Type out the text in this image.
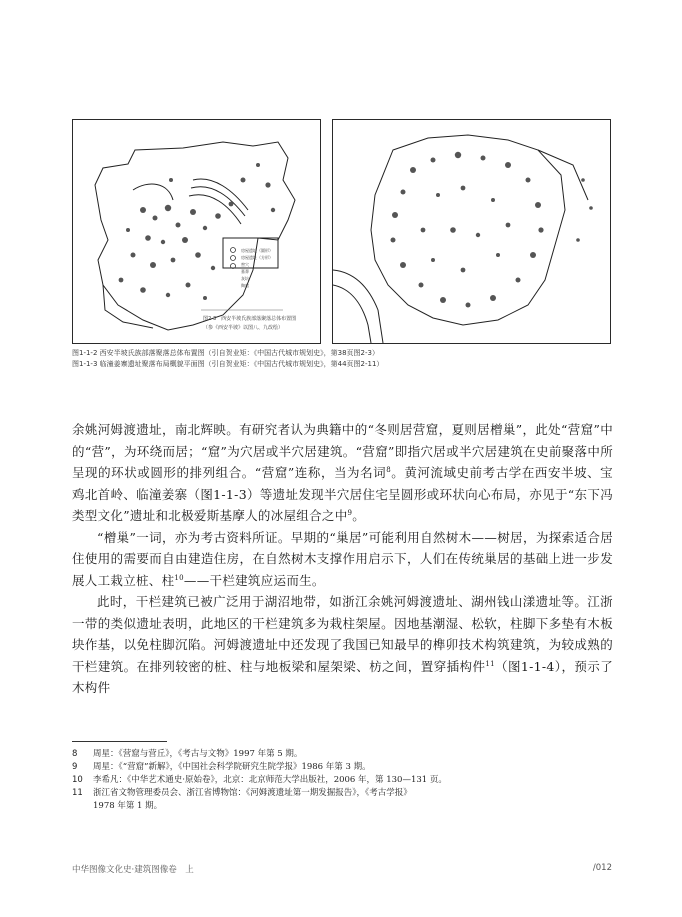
图2-3　西安半坡氏族部落聚落总体布置图
（参《西安半坡》以图八、九改绘）
房屋遗址（圆形）
房屋遗址（方形）
窖穴
墓葬
灰坑
陶窑
图1-1-2 西安半坡氏族部落聚落总体布置图（引自贺业矩：《中国古代城市规划史》，第38页图2-3）
图1-1-3 临潼姜寨遗址聚落布局概貌平面图（引自贺业矩：《中国古代城市规划史》，第44页图2-11）

余姚河姆渡遗址，南北辉映。有研究者认为典籍中的“冬则居营窟，夏则居橧巢”，此处“营窟”中的“营”，为环绕而居；“窟”为穴居或半穴居建筑。“营窟”即指穴居或半穴居建筑在史前聚落中所呈现的环状或圆形的排列组合。“营窟”连称，当为名词$^8$。黄河流域史前考古学在西安半坡、宝鸡北首岭、临潼姜寨（图1-1-3）等遗址发现半穴居住宅呈圆形或环状向心布局，亦见于“东下冯类型文化”遗址和北极爱斯基摩人的冰屋组合之中$^9$。

“橧巢”一词，亦为考古资料所证。早期的“巢居”可能利用自然树木——树居，为探索适合居住使用的需要而自由建造住房，在自然树木支撑作用启示下，人们在传统巢居的基础上进一步发展人工栽立桩、柱$^{10}$——干栏建筑应运而生。

此时，干栏建筑已被广泛用于湖沼地带，如浙江余姚河姆渡遗址、湖州钱山漾遗址等。江浙一带的类似遗址表明，此地区的干栏建筑多为栽柱架屋。因地基潮湿、松软，柱脚下多垫有木板块作基，以免柱脚沉陷。河姆渡遗址中还发现了我国已知最早的榫卯技术构筑建筑，为较成熟的干栏建筑。在排列较密的桩、柱与地板梁和屋架梁、枋之间，置穿插构件$^{11}$（图1-1-4），预示了木构件

8	周星：《营窟与营丘》，《考古与文物》1997 年第 5 期。
9	周星：《“营窟”新解》，《中国社会科学院研究生院学报》1986 年第 3 期。
10	李希凡：《中华艺术通史·原始卷》，北京：北京师范大学出版社，2006 年，第 130—131 页。
11	浙江省文物管理委员会、浙江省博物馆：《河姆渡遗址第一期发掘报告》，《考古学报》
1978 年第 1 期。
中华图像文化史·建筑图像卷　上	/012
